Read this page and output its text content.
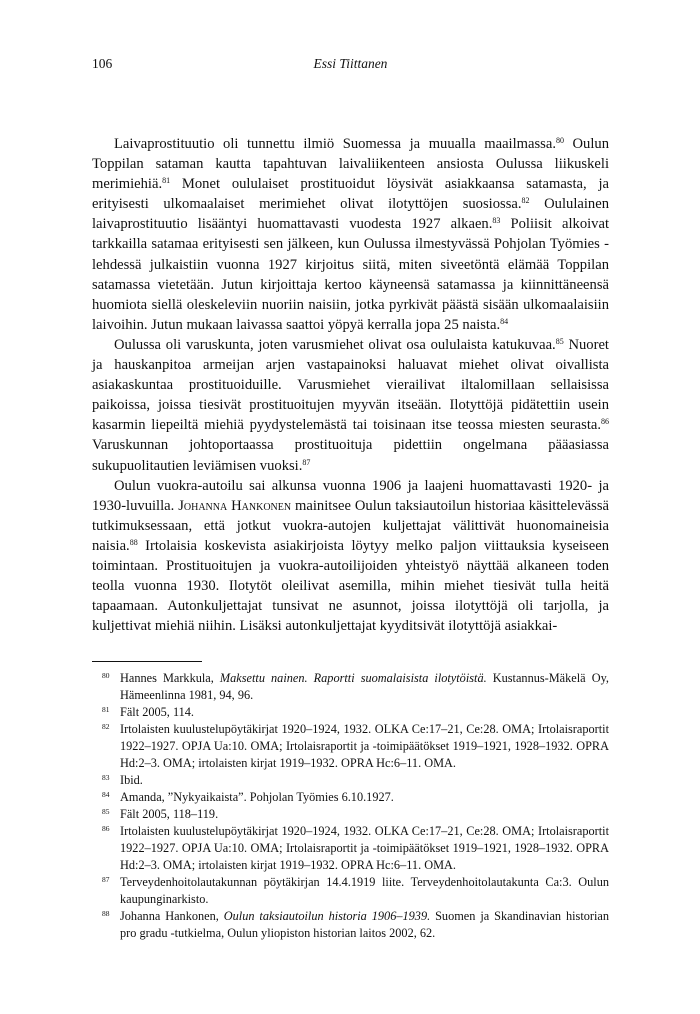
106	Essi Tiittanen

Laivaprostituutio oli tunnettu ilmiö Suomessa ja muualla maailmassa.$^{80}$ Oulun Toppilan sataman kautta tapahtuvan laivaliikenteen ansiosta Oulussa liikuskeli merimiehiä.$^{81}$ Monet oululaiset prostituoidut löysivät asiakkaansa satamasta, ja erityisesti ulkomaalaiset merimiehet olivat ilotyttöjen suosiossa.$^{82}$ Oululainen laivaprostituutio lisääntyi huomattavasti vuodesta 1927 alkaen.$^{83}$ Poliisit alkoivat tarkkailla satamaa erityisesti sen jälkeen, kun Oulussa ilmestyvässä Pohjolan Työmies -lehdessä julkaistiin vuonna 1927 kirjoitus siitä, miten siveetöntä elämää Toppilan satamassa vietetään. Jutun kirjoittaja kertoo käyneensä satamassa ja kiinnittäneensä huomiota siellä oleskeleviin nuoriin naisiin, jotka pyrkivät päästä sisään ulkomaalaisiin laivoihin. Jutun mukaan laivassa saattoi yöpyä kerralla jopa 25 naista.$^{84}$

Oulussa oli varuskunta, joten varusmiehet olivat osa oululaista katukuvaa.$^{85}$ Nuoret ja hauskanpitoa armeijan arjen vastapainoksi haluavat miehet olivat oivallista asiakaskuntaa prostituoiduille. Varusmiehet vierailivat iltalomillaan sellaisissa paikoissa, joissa tiesivät prostituoitujen myyvän itseään. Ilotyttöjä pidätettiin usein kasarmin liepeiltä miehiä pyydystelemästä tai toisinaan itse teossa miesten seurasta.$^{86}$ Varuskunnan johtoportaassa prostituoituja pidettiin ongelmana pääasiassa sukupuolitautien leviämisen vuoksi.$^{87}$

Oulun vuokra-autoilu sai alkunsa vuonna 1906 ja laajeni huomattavasti 1920- ja 1930-luvuilla. Johanna Hankonen mainitsee Oulun taksiautoilun historiaa käsittelevässä tutkimuksessaan, että jotkut vuokra-autojen kuljettajat välittivät huonomaineisia naisia.$^{88}$ Irtolaisia koskevista asiakirjoista löytyy melko paljon viittauksia kyseiseen toimintaan. Prostituoitujen ja vuokra-autoilijoiden yhteistyö näyttää alkaneen toden teolla vuonna 1930. Ilotytöt oleilivat asemilla, mihin miehet tiesivät tulla heitä tapaamaan. Autonkuljettajat tunsivat ne asunnot, joissa ilotyttöjä oli tarjolla, ja kuljettivat miehiä niihin. Lisäksi autonkuljettajat kyyditsivät ilotyttöjä asiakkai-

80 Hannes Markkula, Maksettu nainen. Raportti suomalaisista ilotytöistä. Kustannus-Mäkelä Oy, Hämeenlinna 1981, 94, 96.
81 Fält 2005, 114.
82 Irtolaisten kuulustelupöytäkirjat 1920–1924, 1932. OLKA Ce:17–21, Ce:28. OMA; Irtolaisraportit 1922–1927. OPJA Ua:10. OMA; Irtolaisraportit ja -toimipäätökset 1919–1921, 1928–1932. OPRA Hd:2–3. OMA; irtolaisten kirjat 1919–1932. OPRA Hc:6–11. OMA.
83 Ibid.
84 Amanda, ”Nykyaikaista”. Pohjolan Työmies 6.10.1927.
85 Fält 2005, 118–119.
86 Irtolaisten kuulustelupöytäkirjat 1920–1924, 1932. OLKA Ce:17–21, Ce:28. OMA; Irtolaisraportit 1922–1927. OPJA Ua:10. OMA; Irtolaisraportit ja -toimipäätökset 1919–1921, 1928–1932. OPRA Hd:2–3. OMA; irtolaisten kirjat 1919–1932. OPRA Hc:6–11. OMA.
87 Terveydenhoitolautakunnan pöytäkirjan 14.4.1919 liite. Terveydenhoitolautakunta Ca:3. Oulun kaupunginarkisto.
88 Johanna Hankonen, Oulun taksiautoilun historia 1906–1939. Suomen ja Skandinavian historian pro gradu -tutkielma, Oulun yliopiston historian laitos 2002, 62.
